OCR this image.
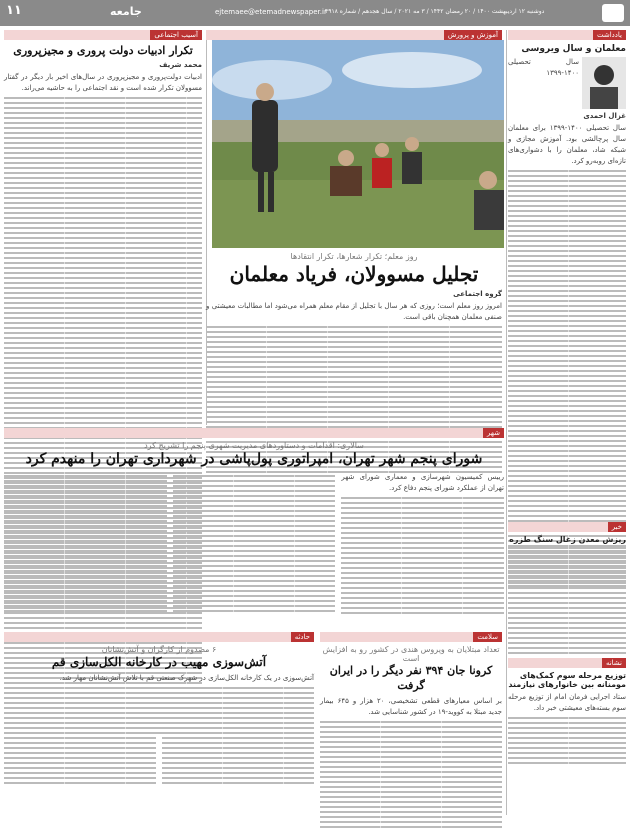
۱۱	جامعه	ejtemaee@etemadnewspaper.ir
دوشنبه ۱۲ اردیبهشت ۱۴۰۰ / ۲۰ رمضان ۱۴۴۲ / ۳ مه ۲۰۲۱ / سال هجدهم / شماره ۴۹۱۸
یادداشت
معلمان و سال ویروسی
سال تحصیلی ۱۴۰۰-۱۳۹۹
غزال احمدی
سال تحصیلی ۱۴۰۰-۱۳۹۹ برای معلمان سال پرچالشی بود. آموزش مجازی و شبکه شاد، معلمان را با دشواری‌های تازه‌ای روبه‌رو کرد.
خبر
ریزش معدن زغال سنگ طزره
نشانه
توزیع مرحله سوم کمک‌های مومنانه بین خانوارهای نیازمند
ستاد اجرایی فرمان امام از توزیع مرحله سوم بسته‌های معیشتی خبر داد.
آموزش و پرورش
روز معلم؛ تکرار شعارها، تکرار انتقادها
تجلیل مسوولان، فریاد معلمان
گروه اجتماعی
امروز روز معلم است؛ روزی که هر سال با تجلیل از مقام معلم همراه می‌شود اما مطالبات معیشتی و صنفی معلمان همچنان باقی است.
آسیب اجتماعی
تکرار ادبیات دولت پروری و مجیزپروری
محمد شریف
ادبیات دولت‌پروری و مجیزپروری در سال‌های اخیر بار دیگر در گفتار مسوولان تکرار شده است و نقد اجتماعی را به حاشیه می‌راند.
شهر
سالاری: اقدامات و دستاوردهای مدیریت شهری پنجم را تشریح کرد
شورای پنجم شهر تهران، امپراتوری پول‌پاشی در شهرداری تهران را منهدم کرد
رییس کمیسیون شهرسازی و معماری شورای شهر تهران از عملکرد شورای پنجم دفاع کرد.
سلامت
تعداد مبتلایان به ویروس هندی در کشور رو به افزایش است
کرونا جان ۳۹۴ نفر دیگر را در ایران گرفت
بر اساس معیارهای قطعی تشخیصی، ۲۰ هزار و ۶۴۵ بیمار جدید مبتلا به کووید-۱۹ در کشور شناسایی شد.
حادثه
۶ مصدوم از کارگران و آتش‌نشانان
آتش‌سوزی مهیب در کارخانه الکل‌سازی قم
آتش‌سوزی در یک کارخانه الکل‌سازی در شهرک صنعتی قم با تلاش آتش‌نشانان مهار شد.
